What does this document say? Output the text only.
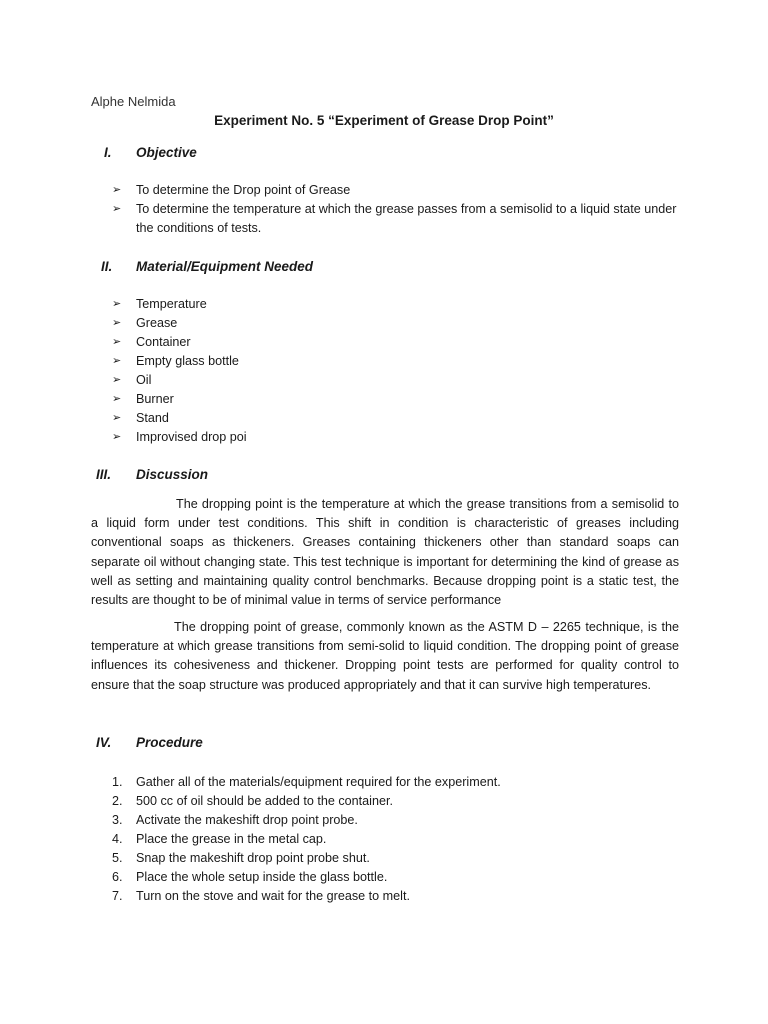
Alphe Nelmida
Experiment No. 5 “Experiment of Grease Drop Point”
I. Objective
➢ To determine the Drop point of Grease
➢ To determine the temperature at which the grease passes from a semisolid to a liquid state under the conditions of tests.
II. Material/Equipment Needed
➢ Temperature
➢ Grease
➢ Container
➢ Empty glass bottle
➢ Oil
➢ Burner
➢ Stand
➢ Improvised drop poi
III. Discussion
The dropping point is the temperature at which the grease transitions from a semisolid to a liquid form under test conditions. This shift in condition is characteristic of greases including conventional soaps as thickeners. Greases containing thickeners other than standard soaps can separate oil without changing state. This test technique is important for determining the kind of grease as well as setting and maintaining quality control benchmarks. Because dropping point is a static test, the results are thought to be of minimal value in terms of service performance
The dropping point of grease, commonly known as the ASTM D – 2265 technique, is the temperature at which grease transitions from semi-solid to liquid condition. The dropping point of grease influences its cohesiveness and thickener. Dropping point tests are performed for quality control to ensure that the soap structure was produced appropriately and that it can survive high temperatures.
IV. Procedure
1. Gather all of the materials/equipment required for the experiment.
2. 500 cc of oil should be added to the container.
3. Activate the makeshift drop point probe.
4. Place the grease in the metal cap.
5. Snap the makeshift drop point probe shut.
6. Place the whole setup inside the glass bottle.
7. Turn on the stove and wait for the grease to melt.
